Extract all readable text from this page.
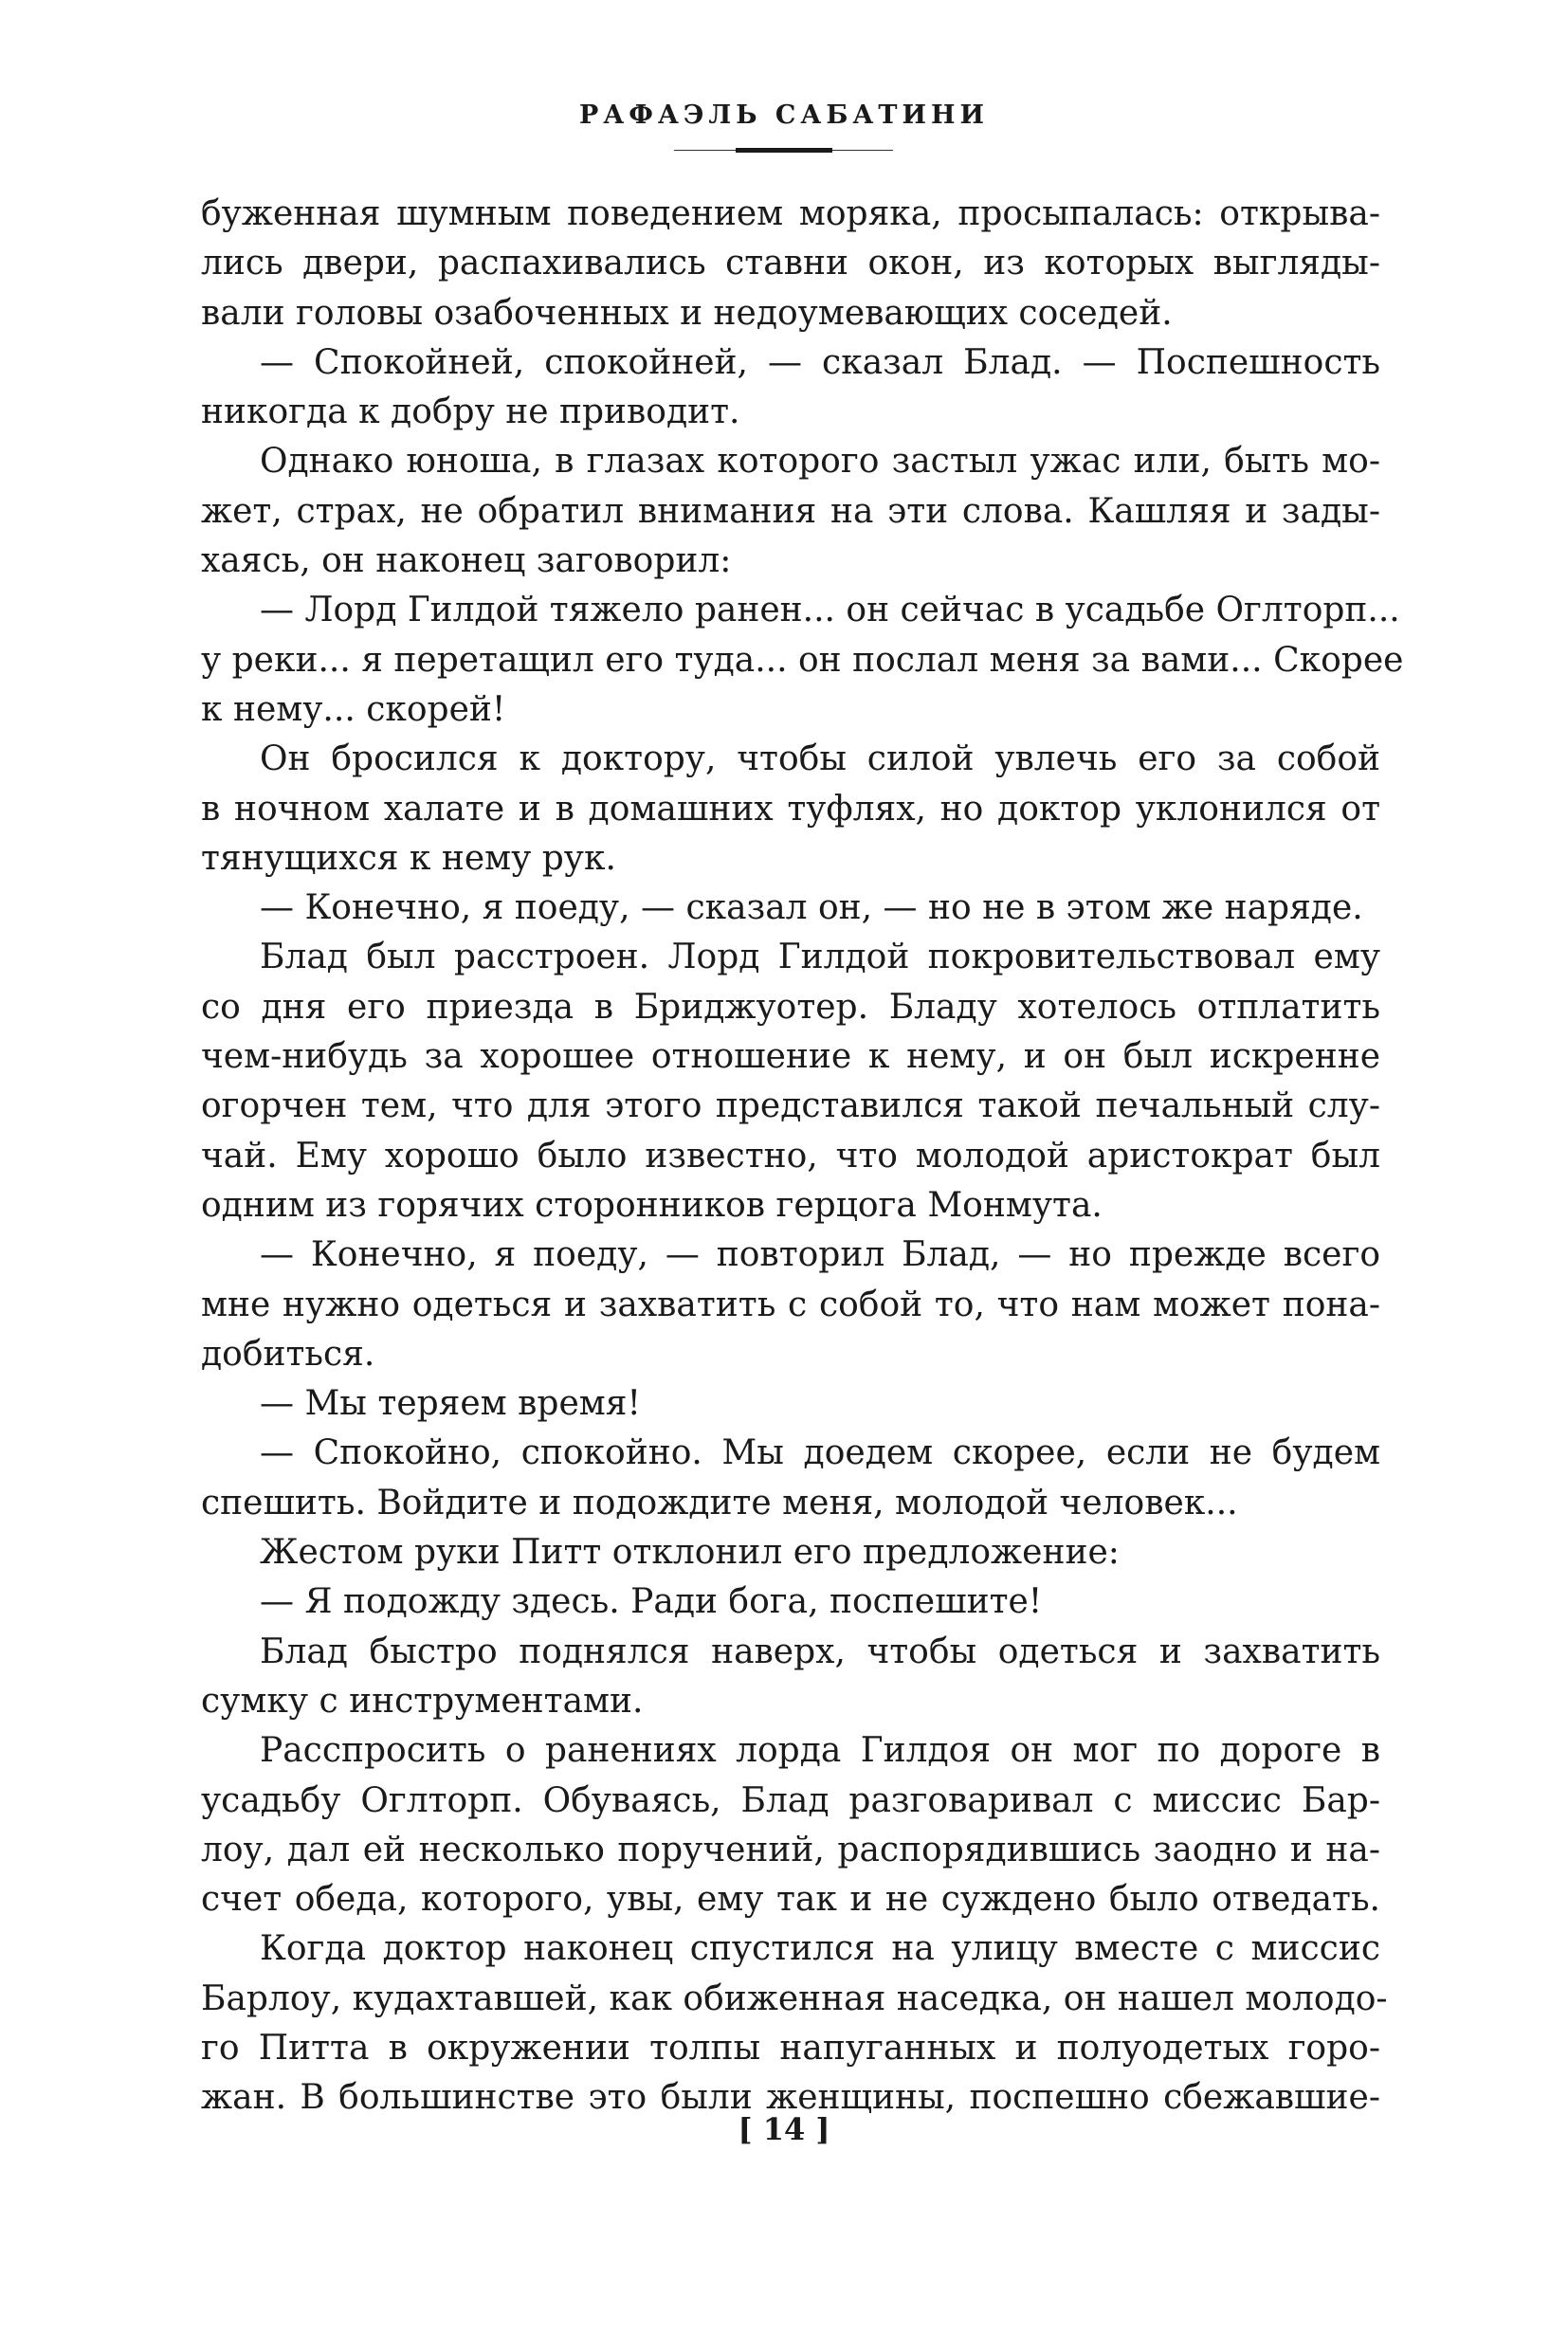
РАФАЭЛЬ САБАТИНИ
буженная шумным поведением моряка, просыпалась: открыва-
лись двери, распахивались ставни окон, из которых выгляды-
вали головы озабоченных и недоумевающих соседей.
— Спокойней, спокойней, — сказал Блад. — Поспешность
никогда к добру не приводит.
Однако юноша, в глазах которого застыл ужас или, быть мо-
жет, страх, не обратил внимания на эти слова. Кашляя и зады-
хаясь, он наконец заговорил:
— Лорд Гилдой тяжело ранен... он сейчас в усадьбе Оглторп...
у реки... я перетащил его туда... он послал меня за вами... Скорее
к нему... скорей!
Он бросился к доктору, чтобы силой увлечь его за собой
в ночном халате и в домашних туфлях, но доктор уклонился от
тянущихся к нему рук.
— Конечно, я поеду, — сказал он, — но не в этом же наряде.
Блад был расстроен. Лорд Гилдой покровительствовал ему
со дня его приезда в Бриджуотер. Бладу хотелось отплатить
чем-нибудь за хорошее отношение к нему, и он был искренне
огорчен тем, что для этого представился такой печальный слу-
чай. Ему хорошо было известно, что молодой аристократ был
одним из горячих сторонников герцога Монмута.
— Конечно, я поеду, — повторил Блад, — но прежде всего
мне нужно одеться и захватить с собой то, что нам может пона-
добиться.
— Мы теряем время!
— Спокойно, спокойно. Мы доедем скорее, если не будем
спешить. Войдите и подождите меня, молодой человек...
Жестом руки Питт отклонил его предложение:
— Я подожду здесь. Ради бога, поспешите!
Блад быстро поднялся наверх, чтобы одеться и захватить
сумку с инструментами.
Расспросить о ранениях лорда Гилдоя он мог по дороге в
усадьбу Оглторп. Обуваясь, Блад разговаривал с миссис Бар-
лоу, дал ей несколько поручений, распорядившись заодно и на-
счет обеда, которого, увы, ему так и не суждено было отведать.
Когда доктор наконец спустился на улицу вместе с миссис
Барлоу, кудахтавшей, как обиженная наседка, он нашел молодо-
го Питта в окружении толпы напуганных и полуодетых горо-
жан. В большинстве это были женщины, поспешно сбежавшие-
[ 14 ]
